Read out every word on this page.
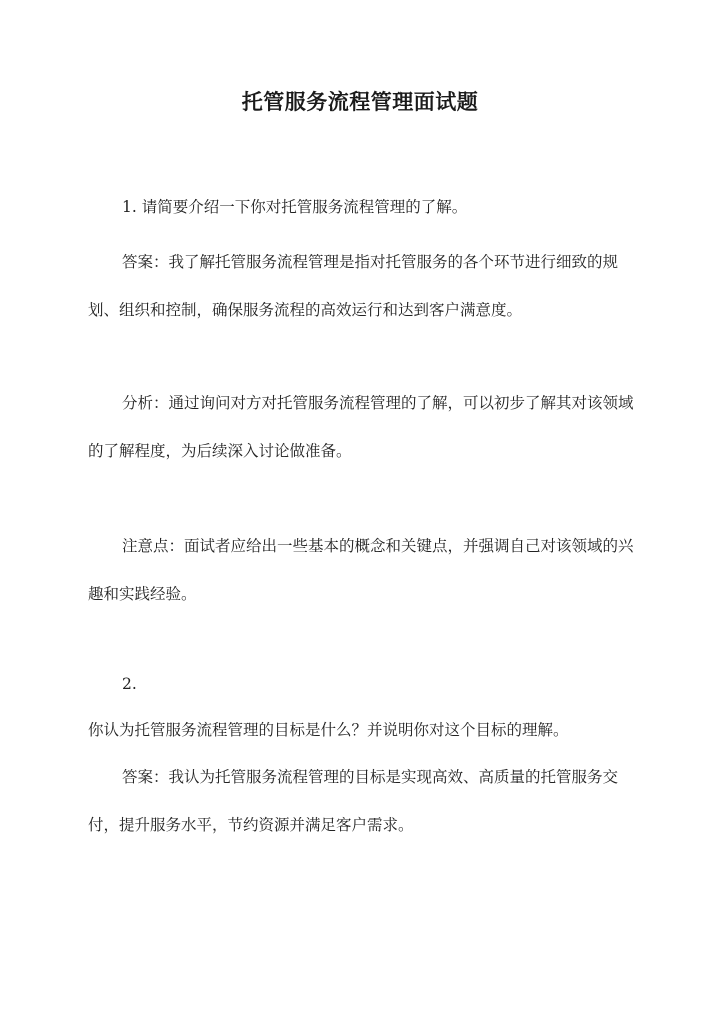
托管服务流程管理面试题
1. 请简要介绍一下你对托管服务流程管理的了解。
答案：我了解托管服务流程管理是指对托管服务的各个环节进行细致的规划、组织和控制，确保服务流程的高效运行和达到客户满意度。
分析：通过询问对方对托管服务流程管理的了解，可以初步了解其对该领域的了解程度，为后续深入讨论做准备。
注意点：面试者应给出一些基本的概念和关键点，并强调自己对该领域的兴趣和实践经验。
2.
你认为托管服务流程管理的目标是什么？并说明你对这个目标的理解。
答案：我认为托管服务流程管理的目标是实现高效、高质量的托管服务交付，提升服务水平，节约资源并满足客户需求。
